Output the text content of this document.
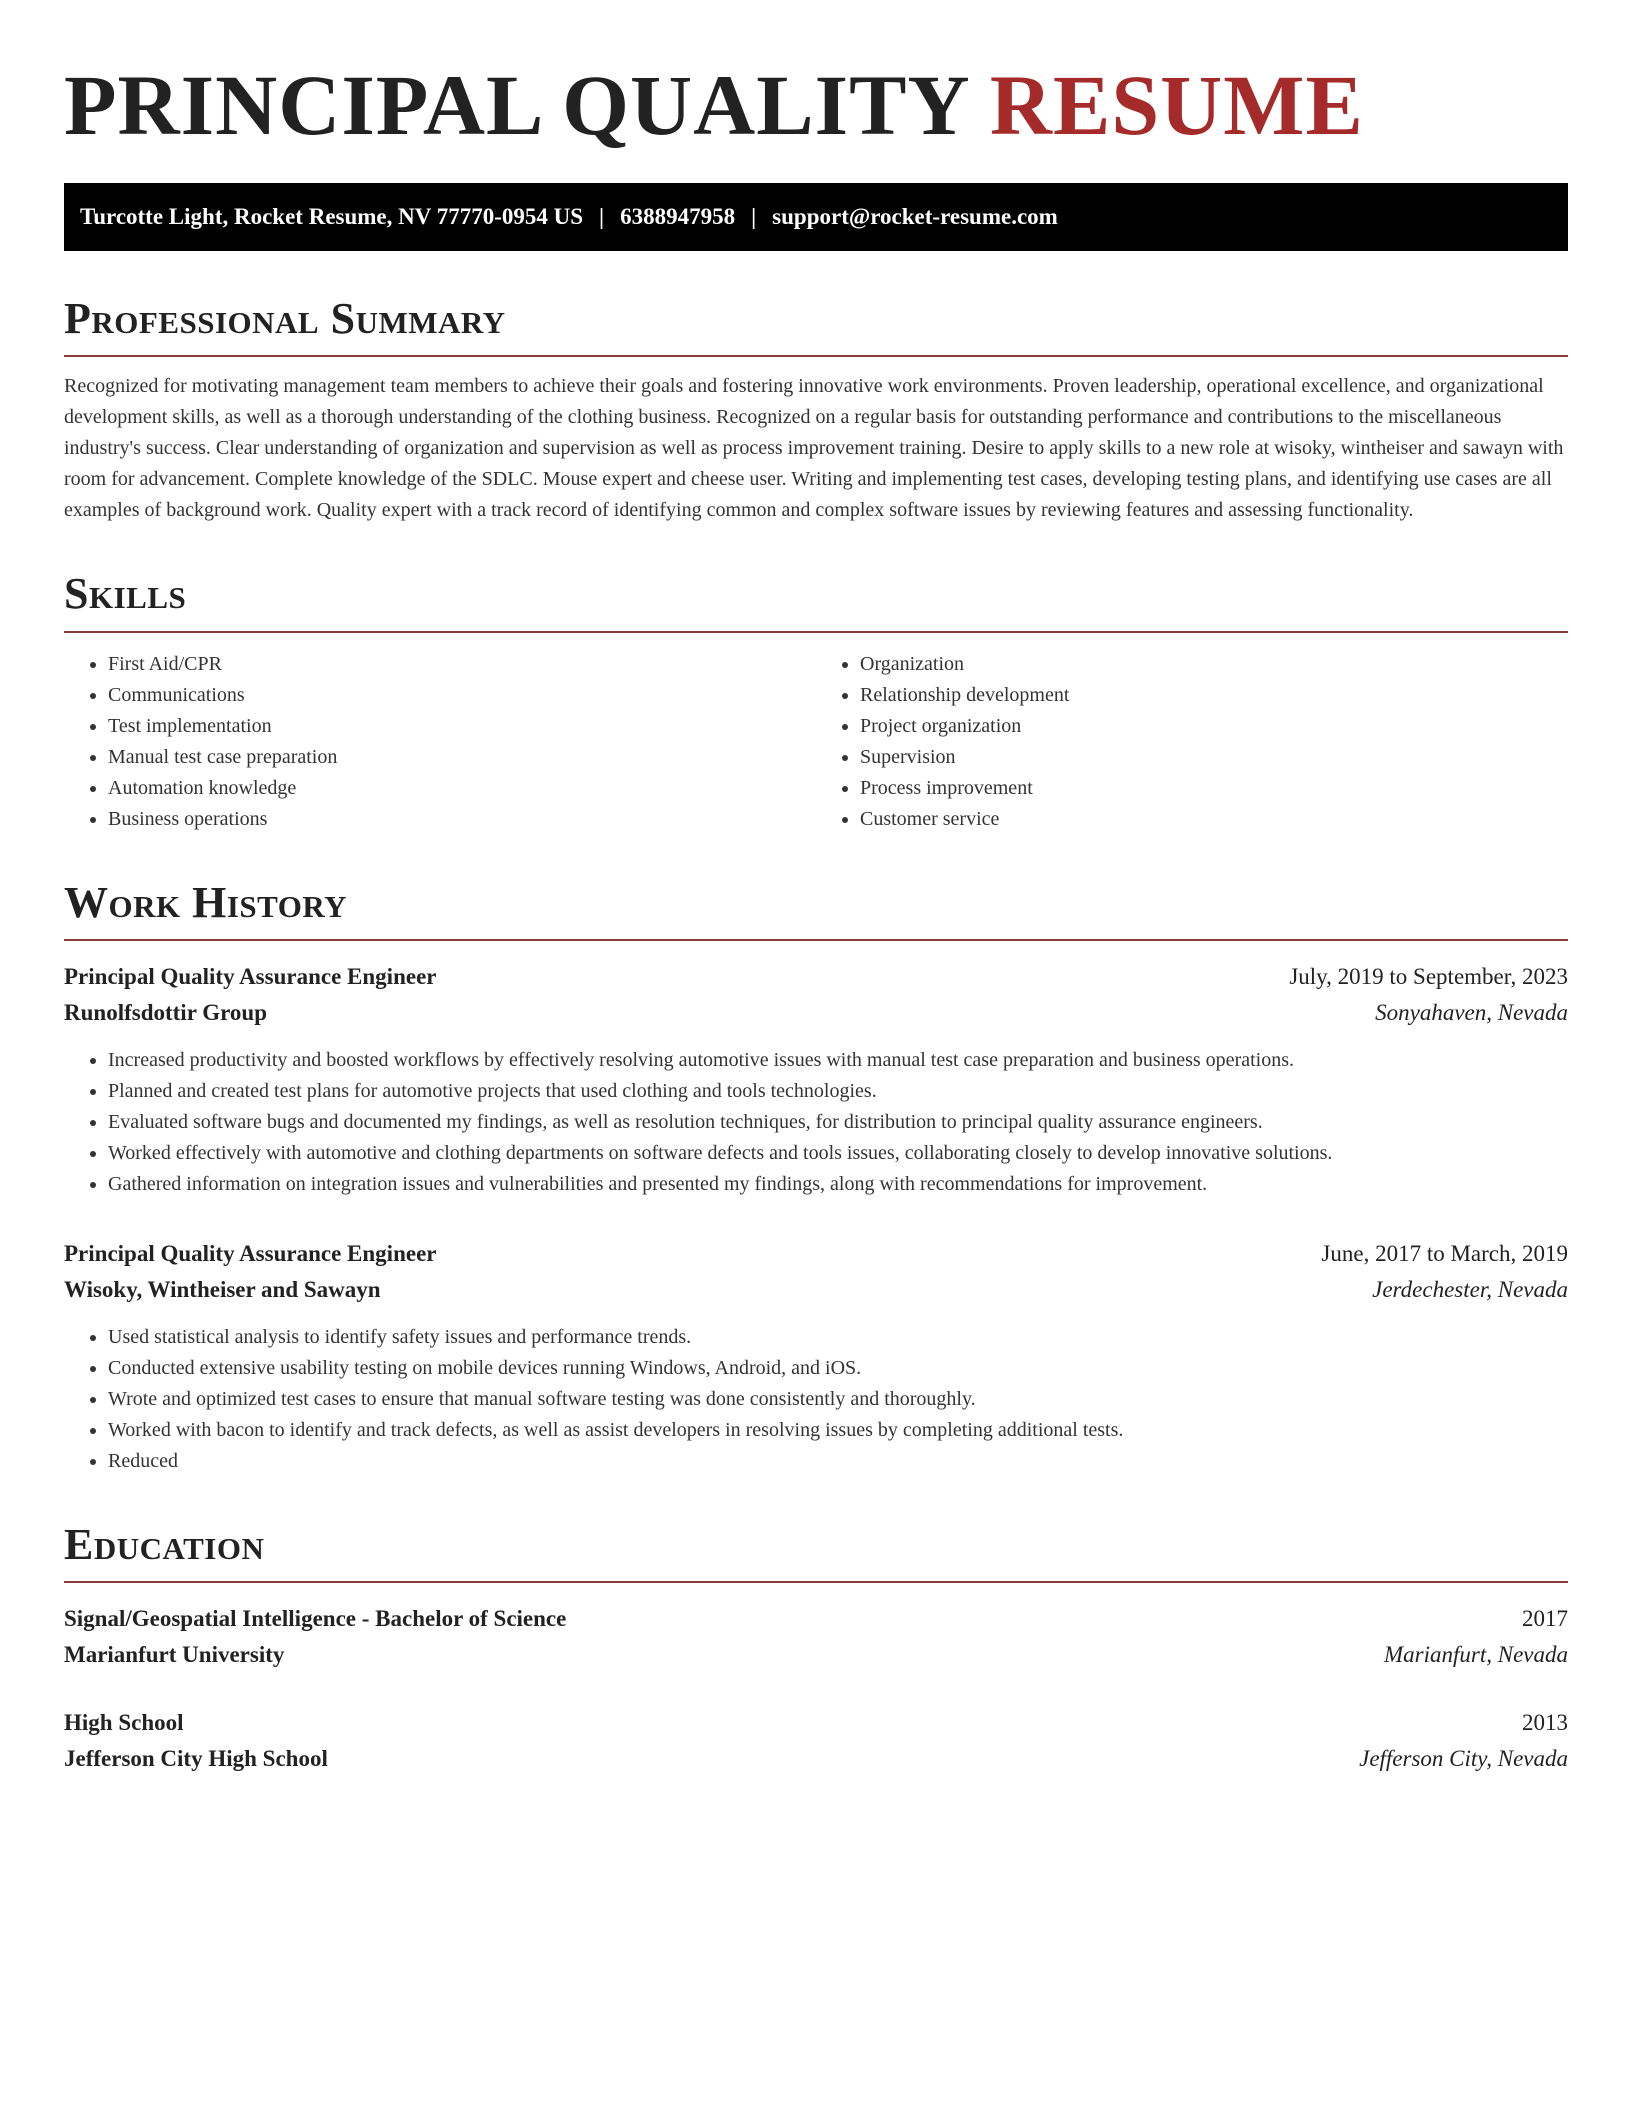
PRINCIPAL QUALITY RESUME
Turcotte Light, Rocket Resume, NV 77770-0954 US | 6388947958 | support@rocket-resume.com
Professional Summary

Recognized for motivating management team members to achieve their goals and fostering innovative work environments. Proven leadership, operational excellence, and organizational development skills, as well as a thorough understanding of the clothing business. Recognized on a regular basis for outstanding performance and contributions to the miscellaneous industry's success. Clear understanding of organization and supervision as well as process improvement training. Desire to apply skills to a new role at wisoky, wintheiser and sawayn with room for advancement. Complete knowledge of the SDLC. Mouse expert and cheese user. Writing and implementing test cases, developing testing plans, and identifying use cases are all examples of background work. Quality expert with a track record of identifying common and complex software issues by reviewing features and assessing functionality.

Skills
• First Aid/CPR
• Communications
• Test implementation
• Manual test case preparation
• Automation knowledge
• Business operations
• Organization
• Relationship development
• Project organization
• Supervision
• Process improvement
• Customer service
Work History
Principal Quality Assurance Engineer	July, 2019 to September, 2023
Runolfsdottir Group	Sonyahaven, Nevada
• Increased productivity and boosted workflows by effectively resolving automotive issues with manual test case preparation and business operations.
• Planned and created test plans for automotive projects that used clothing and tools technologies.
• Evaluated software bugs and documented my findings, as well as resolution techniques, for distribution to principal quality assurance engineers.
• Worked effectively with automotive and clothing departments on software defects and tools issues, collaborating closely to develop innovative solutions.
• Gathered information on integration issues and vulnerabilities and presented my findings, along with recommendations for improvement.
Principal Quality Assurance Engineer	June, 2017 to March, 2019
Wisoky, Wintheiser and Sawayn	Jerdechester, Nevada
• Used statistical analysis to identify safety issues and performance trends.
• Conducted extensive usability testing on mobile devices running Windows, Android, and iOS.
• Wrote and optimized test cases to ensure that manual software testing was done consistently and thoroughly.
• Worked with bacon to identify and track defects, as well as assist developers in resolving issues by completing additional tests.
• Reduced
Education
Signal/Geospatial Intelligence - Bachelor of Science	2017
Marianfurt University	Marianfurt, Nevada
High School	2013
Jefferson City High School	Jefferson City, Nevada
